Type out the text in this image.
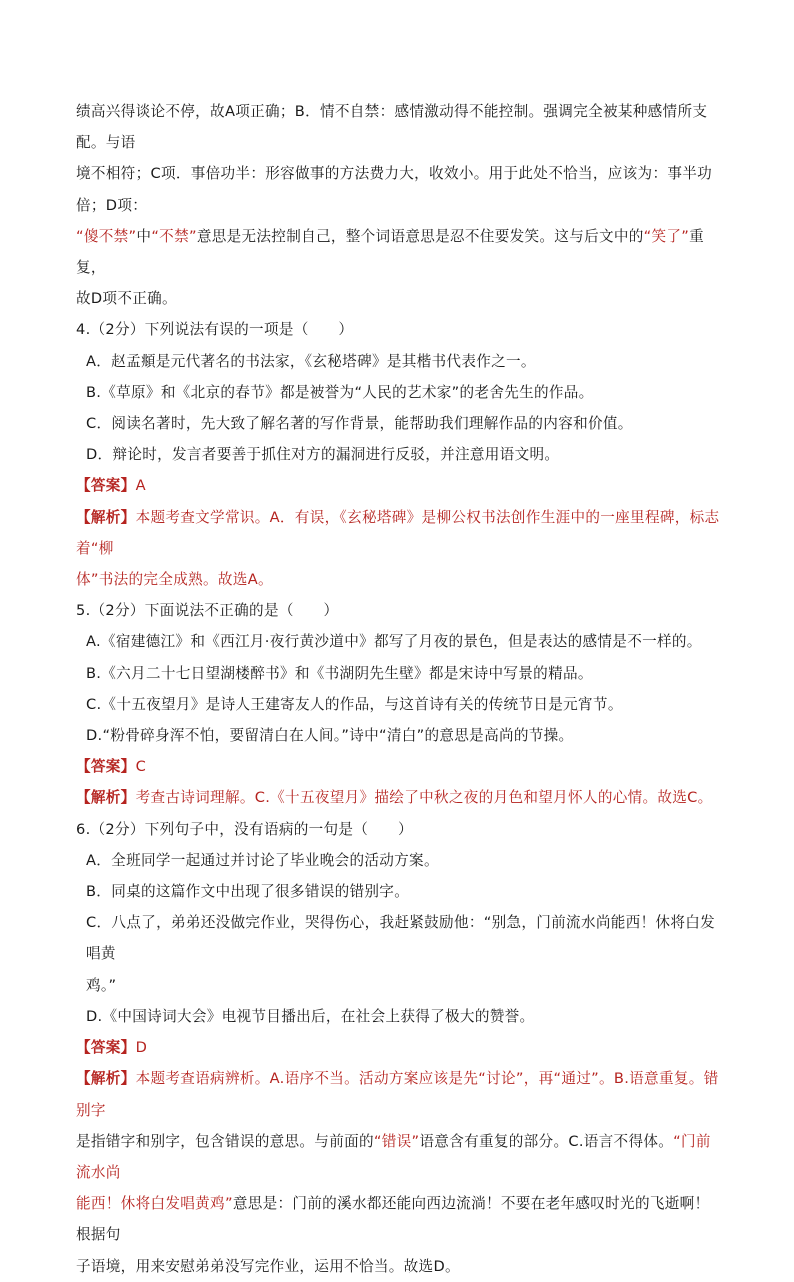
绩高兴得谈论不停，故A项正确；B．情不自禁：感情激动得不能控制。强调完全被某种感情所支配。与语

境不相符；C项．事倍功半：形容做事的方法费力大，收效小。用于此处不恰当，应该为：事半功倍；D项：

“傻不禁”中“不禁”意思是无法控制自己，整个词语意思是忍不住要发笑。这与后文中的“笑了”重复，

故D项不正确。

4.（2分）下列说法有误的一项是（　　）

A．赵孟頫是元代著名的书法家，《玄秘塔碑》是其楷书代表作之一。

B.《草原》和《北京的春节》都是被誉为“人民的艺术家”的老舍先生的作品。

C．阅读名著时，先大致了解名著的写作背景，能帮助我们理解作品的内容和价值。

D．辩论时，发言者要善于抓住对方的漏洞进行反驳，并注意用语文明。

【答案】A

【解析】本题考查文学常识。A．有误，《玄秘塔碑》是柳公权书法创作生涯中的一座里程碑，标志着“柳

体”书法的完全成熟。故选A。

5.（2分）下面说法不正确的是（　　）

A.《宿建德江》和《西江月·夜行黄沙道中》都写了月夜的景色，但是表达的感情是不一样的。

B.《六月二十七日望湖楼醉书》和《书湖阴先生壁》都是宋诗中写景的精品。

C.《十五夜望月》是诗人王建寄友人的作品，与这首诗有关的传统节日是元宵节。

D.“粉骨碎身浑不怕，要留清白在人间。”诗中“清白”的意思是高尚的节操。

【答案】C

【解析】考查古诗词理解。C.《十五夜望月》描绘了中秋之夜的月色和望月怀人的心情。故选C。

6.（2分）下列句子中，没有语病的一句是（　　）

A．全班同学一起通过并讨论了毕业晚会的活动方案。

B．同桌的这篇作文中出现了很多错误的错别字。

C．八点了，弟弟还没做完作业，哭得伤心，我赶紧鼓励他：“别急，门前流水尚能西！休将白发唱黄

鸡。”

D.《中国诗词大会》电视节目播出后，在社会上获得了极大的赞誉。

【答案】D

【解析】本题考查语病辨析。A.语序不当。活动方案应该是先“讨论”，再“通过”。B.语意重复。错别字

是指错字和别字，包含错误的意思。与前面的“错误”语意含有重复的部分。C.语言不得体。“门前流水尚

能西！休将白发唱黄鸡”意思是：门前的溪水都还能向西边流淌！不要在老年感叹时光的飞逝啊！根据句

子语境，用来安慰弟弟没写完作业，运用不恰当。故选D。
